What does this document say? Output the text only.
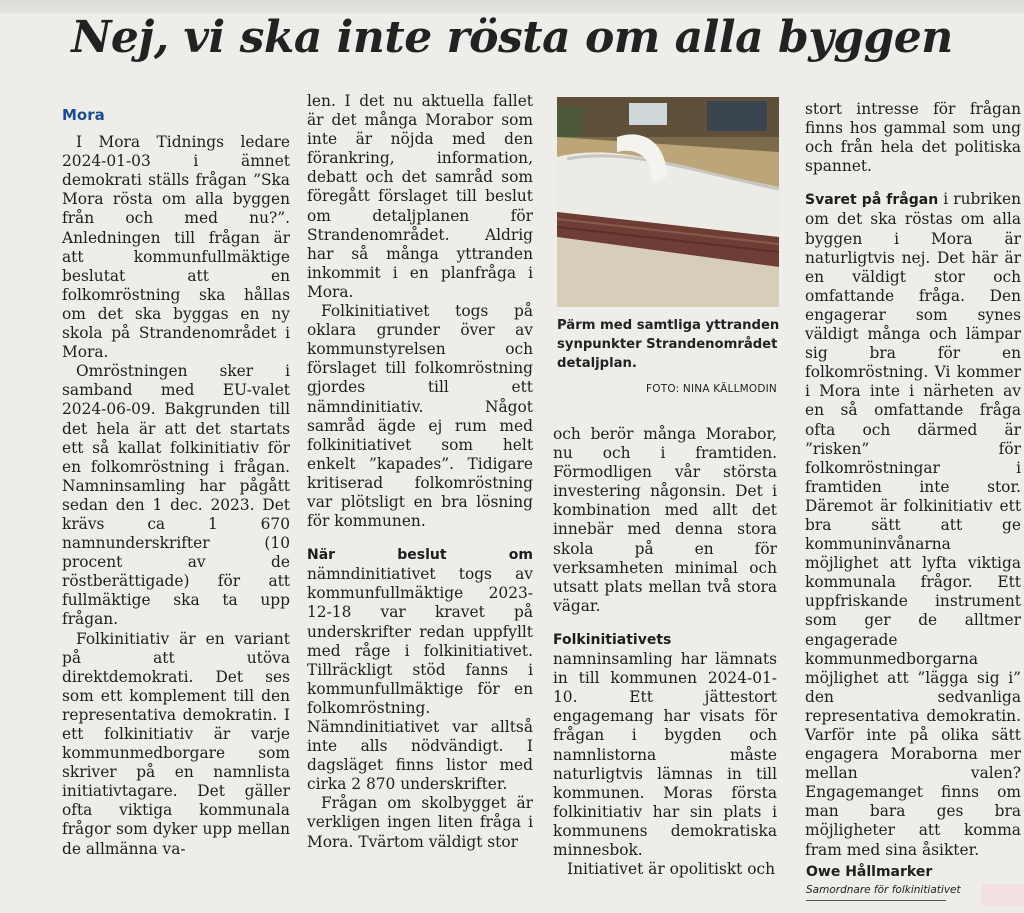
Nej, vi ska inte rösta om alla byggen
Mora

I Mora Tidnings ledare 2024-01-03 i ämnet demokrati ställs frågan ”Ska Mora rösta om alla byggen från och med nu?”. Anledningen till frågan är att kommunfullmäktige beslutat att en folkomröstning ska hållas om det ska byggas en ny skola på Strandenområdet i Mora.

Omröstningen sker i samband med EU-valet 2024-06-09. Bakgrunden till det hela är att det startats ett så kallat folkinitiativ för en folkomröstning i frågan. Namninsamling har pågått sedan den 1 dec. 2023. Det krävs ca 1 670 namnunderskrifter (10 procent av de röstberättigade) för att fullmäktige ska ta upp frågan.

Folkinitiativ är en variant på att utöva direktdemokrati. Det ses som ett komplement till den representativa demokratin. I ett folkinitiativ är varje kommunmedborgare som skriver på en namnlista initiativtagare. Det gäller ofta viktiga kommunala frågor som dyker upp mellan de allmänna va-

len. I det nu aktuella fallet är det många Morabor som inte är nöjda med den förankring, information, debatt och det samråd som föregått förslaget till beslut om detaljplanen för Strandenområdet. Aldrig har så många yttranden inkommit i en planfråga i Mora.

Folkinitiativet togs på oklara grunder över av kommunstyrelsen och förslaget till folkomröstning gjordes till ett nämndinitiativ. Något samråd ägde ej rum med folkinitiativet som helt enkelt ”kapades”. Tidigare kritiserad folkomröstning var plötsligt en bra lösning för kommunen.

När beslut om nämndinitiativet togs av kommunfullmäktige 2023-12-18 var kravet på underskrifter redan uppfyllt med råge i folkinitiativet. Tillräckligt stöd fanns i kommunfullmäktige för en folkomröstning. Nämndinitiativet var alltså inte alls nödvändigt. I dagsläget finns listor med cirka 2 870 underskrifter.

Frågan om skolbygget är verkligen ingen liten fråga i Mora. Tvärtom väldigt stor

Pärm med samtliga yttranden synpunkter Strandenområdet detaljplan.
FOTO: NINA KÄLLMODIN

och berör många Morabor, nu och i framtiden. Förmodligen vår största investering någonsin. Det i kombination med allt det innebär med denna stora skola på en för verksamheten minimal och utsatt plats mellan två stora vägar.

Folkinitiativets namninsamling har lämnats in till kommunen 2024-01-10. Ett jättestort engagemang har visats för frågan i bygden och namnlistorna måste naturligtvis lämnas in till kommunen. Moras första folkinitiativ har sin plats i kommunens demokratiska minnesbok.

Initiativet är opolitiskt och

stort intresse för frågan finns hos gammal som ung och från hela det politiska spannet.

Svaret på frågan i rubriken om det ska röstas om alla byggen i Mora är naturligtvis nej. Det här är en väldigt stor och omfattande fråga. Den engagerar som synes väldigt många och lämpar sig bra för en folkomröstning. Vi kommer i Mora inte i närheten av en så omfattande fråga ofta och därmed är ”risken” för folkomröstningar i framtiden inte stor. Däremot är folkinitiativ ett bra sätt att ge kommuninvånarna möjlighet att lyfta viktiga kommunala frågor. Ett uppfriskande instrument som ger de alltmer engagerade kommunmedborgarna möjlighet att ”lägga sig i” den sedvanliga representativa demokratin. Varför inte på olika sätt engagera Moraborna mer mellan valen? Engagemanget finns om man bara ges bra möjligheter att komma fram med sina åsikter.

Owe Hållmarker
Samordnare för folkinitiativet
